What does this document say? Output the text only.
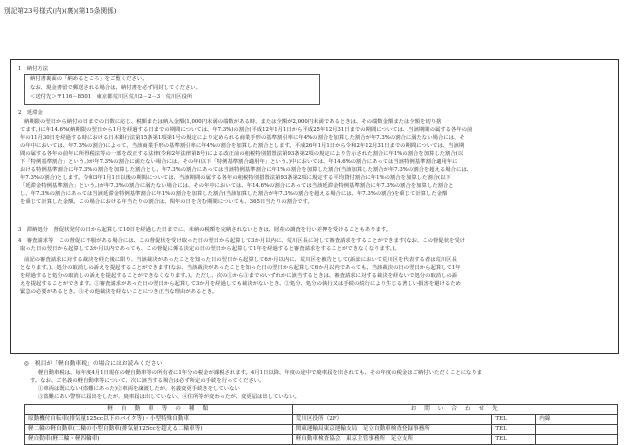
別記第23号様式(内)(裏)(第15条関係)
1　納付方法
納付書裏面の「納めるところ」をご覧ください。
なお、現金書留で郵送される場合は、納付書を必ず同封してください。
＜送付先＞〒116－8501　東京都荒川区荒川2－2－3　荒川区役所
2　延滞金
納期限の翌日から納付の日までの日数に応じ、税額または納入金額(1,000円未満の端数がある時、または全額が2,000円未満であるときは、その端数金額または全額を切り捨
てます。)に年14.6%(納期限の翌日から1月を経過する日までの期間については、年7.3%)の割合(平成12年1月1日から平成25年12月31日までの期間については、当該期間の属する各年の前
年の11月30日を経過する時における日本銀行法第15条第1項第1号の規定により定められる商業手形の基準割引率に年4%の割合を加算した割合が年7.3%の割合に満たない場合には、そ
の年中においては、年7.3%の割合)によって、当該商業手形の基準割引率に年4%の割合を加算した割合とします。平成26年1月1日から令和2年12月31日までの期間については、当該期
間の属する各年の前年に所得税法等の一部を改正する法律(令和2年法律第8号)による改正前の租税特別措置法第93条第2項の規定により告示された割合に年1%の割合を加算した割合(以
下「特例基準割合」という。)が年7.3%の割合に満たない場合には、その年(以下「特例基準割合適用年」という。)中においては、年14.6%の割合にあっては当該特例基準割合適用年に
おける特例基準割合に年7.3%の割合を加算した割合とし、年7.3%の割合にあっては当該特例基準割合に年1%の割合を加算した割合(当該加算した割合が年7.3%の割合を超える場合には、
年7.3%の割合)とします。令和3年1月1日以後の期間については、当該期間の属する各年の租税特別措置法第93条第2項に規定する平均貸付割合に年1%の割合を加算した割合(以下
「延滞金特例基準割合」という。)が年7.3%の割合に満たない場合には、その年中においては、年14.6%の割合にあっては当該延滞金特例基準割合に年7.3%の割合を加算した割合と
し、年7.3%の割合にあっては当該延滞金特例基準割合に年1%の割合を加算した割合(当該加算した割合が年7.3%の割合を超える場合には、年7.3%の割合)を乗じて計算した金額
を乗じて計算した金額。この場合における年当たりの割合は、閏年の日を含む期間についても、365日当たりの割合です。
3　滞納処分　督促状発付の日から起算して10日を経過した日までに、未納の税額を完納されないときは、財産の調査を行い差押を受けることもあります。
4　審査請求等　この督促に不服がある場合には、この督促状を受け取った日の翌日から起算して3か月以内に、荒川区長に対して審査請求をすることができます(なお、この督促状を受け
取った日の翌日から起算して3か月以内であっても、この督促に係る決定の日の翌日から起算して1年を経過すると審査請求をすることができなくなります。)。
前記の審査請求に対する裁決を経た後に限り、当該裁決があったことを知った日の翌日から起算して6か月以内に、荒川区を被告として(訴訟において荒川区を代表する者は荒川区長
となります。)、処分の取消しの訴えを提起することができます(なお、当該裁決があったことを知った日の翌日から起算して6か月以内であっても、当該裁決の日の翌日から起算して1年
を経過すると処分の取消しの訴えを提起することができなくなります。)。ただし、次の①から③までのいずれかに該当するときは、審査請求に対する裁決を経ないで処分の取消しの訴
えを提起することができます。①審査請求があった日の翌日から起算して3か月を経過しても裁決がないとき。②処分、処分の執行又は手続の続行により生じる著しい損害を避けるため
緊急の必要があるとき。③その他裁決を経ないことにつき正当な理由があるとき。
◎　税目が「軽自動車税」の場合にはお読みください
軽自動車税は、毎年度4月1日現在の軽自動車等の所有者に1年分の税金が課税されます。4月1日以降、年度の途中で廃車届を出されても、その年度の税金はご納付いただくことになりま
す。なお、ご名義の軽自動車等について、次に該当する場合は必ず所定の手続を行ってください。
①車両は既にない(盗難にあった)②車両を譲渡したが、名義変更手続きをしていない
③盗難にあい警察に届出をしたが、廃車届は出していない、④住所等が変わったが、変更届は出していない。
軽　自　動　車　等　の　種　類	お　問　い　合　わ　せ　先		
原動機付自転車(排気量125cc以下のバイク等)・小型特殊自動車	荒川区役所（2F）	TEL	内線
軽二輪の軽自動車(二輪の小型自動車(排気量125ccを超える二輪車等)	関東運輸局東京運輸支局　足立自動車検査登録事務所	TEL	
軽自動車(軽三輪・軽四輪車)	軽自動車検査協会　東京主管事務所　足立支所	TEL	
